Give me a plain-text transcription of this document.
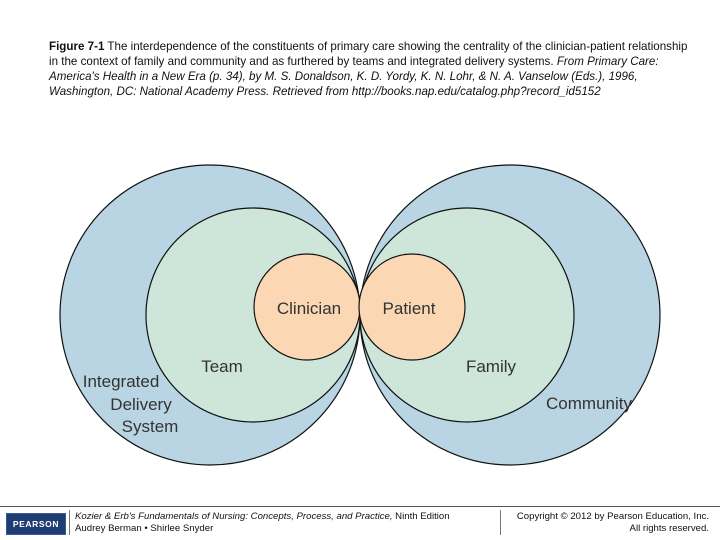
Figure 7-1 The interdependence of the constituents of primary care showing the centrality of the clinician-patient relationship in the context of family and community and as furthered by teams and integrated delivery systems. From Primary Care: America's Health in a New Era (p. 34), by M. S. Donaldson, K. D. Yordy, K. N. Lohr, & N. A. Vanselow (Eds.), 1996, Washington, DC: National Academy Press. Retrieved from http://books.nap.edu/catalog.php?record_id5152
Clinician Patient
Team	Family
Integrated
Delivery
System
Community
PEARSON
Kozier & Erb's Fundamentals of Nursing: Concepts, Process, and Practice, Ninth Edition
Audrey Berman • Shirlee Snyder
Copyright © 2012 by Pearson Education, Inc.
All rights reserved.
